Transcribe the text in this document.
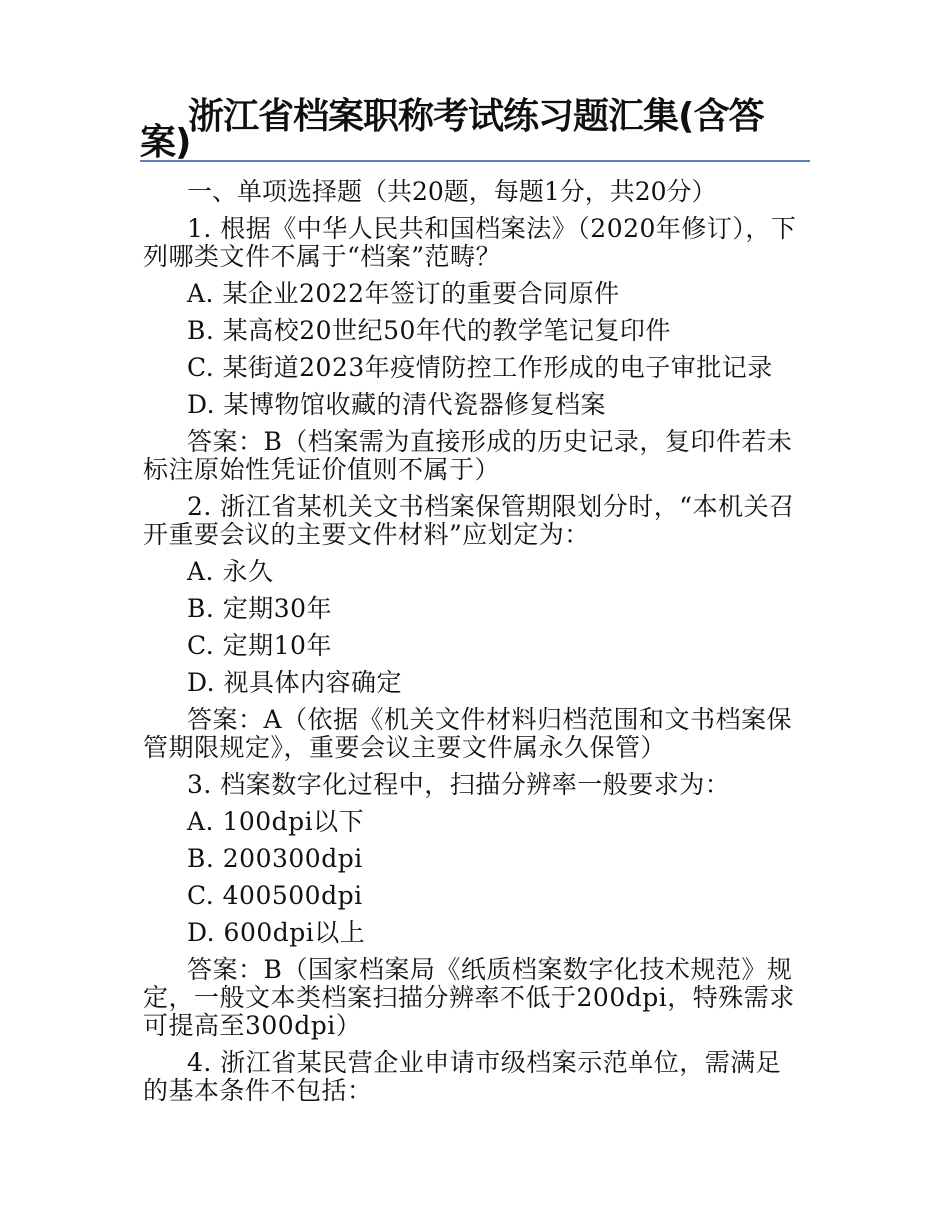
浙江省档案职称考试练习题汇集(含答案)

一、单项选择题（共20题，每题1分，共20分）

1. 根据《中华人民共和国档案法》（2020年修订），下列哪类文件不属于“档案”范畴？

A. 某企业2022年签订的重要合同原件

B. 某高校20世纪50年代的教学笔记复印件

C. 某街道2023年疫情防控工作形成的电子审批记录

D. 某博物馆收藏的清代瓷器修复档案

答案：B（档案需为直接形成的历史记录，复印件若未标注原始性凭证价值则不属于）

2. 浙江省某机关文书档案保管期限划分时，“本机关召开重要会议的主要文件材料”应划定为：

A. 永久

B. 定期30年

C. 定期10年

D. 视具体内容确定

答案：A（依据《机关文件材料归档范围和文书档案保管期限规定》，重要会议主要文件属永久保管）

3. 档案数字化过程中，扫描分辨率一般要求为：

A. 100dpi以下

B. 200300dpi

C. 400500dpi

D. 600dpi以上

答案：B（国家档案局《纸质档案数字化技术规范》规定，一般文本类档案扫描分辨率不低于200dpi，特殊需求可提高至300dpi）

4. 浙江省某民营企业申请市级档案示范单位，需满足的基本条件不包括：
